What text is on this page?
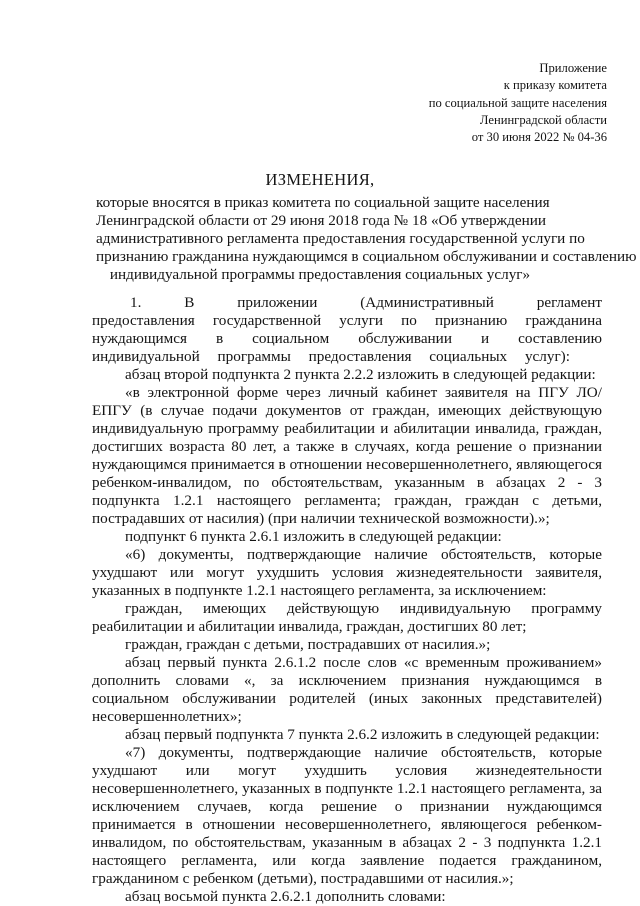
Приложение
к приказу комитета
по социальной защите населения
Ленинградской области
от 30 июня 2022 № 04-36
ИЗМЕНЕНИЯ,
которые вносятся в приказ комитета по социальной защите населения
Ленинградской области от 29 июня 2018 года № 18 «Об утверждении
административного регламента предоставления государственной услуги по
признанию гражданина нуждающимся в социальном обслуживании и составлению
индивидуальной программы предоставления социальных услуг»

1. В приложении (Административный регламент предоставления государственной услуги по признанию гражданина нуждающимся в социальном обслуживании и составлению индивидуальной программы предоставления социальных услуг):

абзац второй подпункта 2 пункта 2.2.2 изложить в следующей редакции:

«в электронной форме через личный кабинет заявителя на ПГУ ЛО/ЕПГУ (в случае подачи документов от граждан, имеющих действующую индивидуальную программу реабилитации и абилитации инвалида, граждан, достигших возраста 80 лет, а также в случаях, когда решение о признании нуждающимся принимается в отношении несовершеннолетнего, являющегося ребенком-инвалидом, по обстоятельствам, указанным в абзацах 2 - 3 подпункта 1.2.1 настоящего регламента; граждан, граждан с детьми, пострадавших от насилия) (при наличии технической возможности).»;

подпункт 6 пункта 2.6.1 изложить в следующей редакции:

«6) документы, подтверждающие наличие обстоятельств, которые ухудшают или могут ухудшить условия жизнедеятельности заявителя, указанных в подпункте 1.2.1 настоящего регламента, за исключением:

граждан, имеющих действующую индивидуальную программу реабилитации и абилитации инвалида, граждан, достигших 80 лет;

граждан, граждан с детьми, пострадавших от насилия.»;

абзац первый пункта 2.6.1.2 после слов «с временным проживанием» дополнить словами «, за исключением признания нуждающимся в социальном обслуживании родителей (иных законных представителей) несовершеннолетних»;

абзац первый подпункта 7 пункта 2.6.2 изложить в следующей редакции:

«7) документы, подтверждающие наличие обстоятельств, которые ухудшают или могут ухудшить условия жизнедеятельности несовершеннолетнего, указанных в подпункте 1.2.1 настоящего регламента, за исключением случаев, когда решение о признании нуждающимся принимается в отношении несовершеннолетнего, являющегося ребенком-инвалидом, по обстоятельствам, указанным в абзацах 2 - 3 подпункта 1.2.1 настоящего регламента, или когда заявление подается гражданином, гражданином с ребенком (детьми), пострадавшими от насилия.»;

абзац восьмой пункта 2.6.2.1 дополнить словами:
